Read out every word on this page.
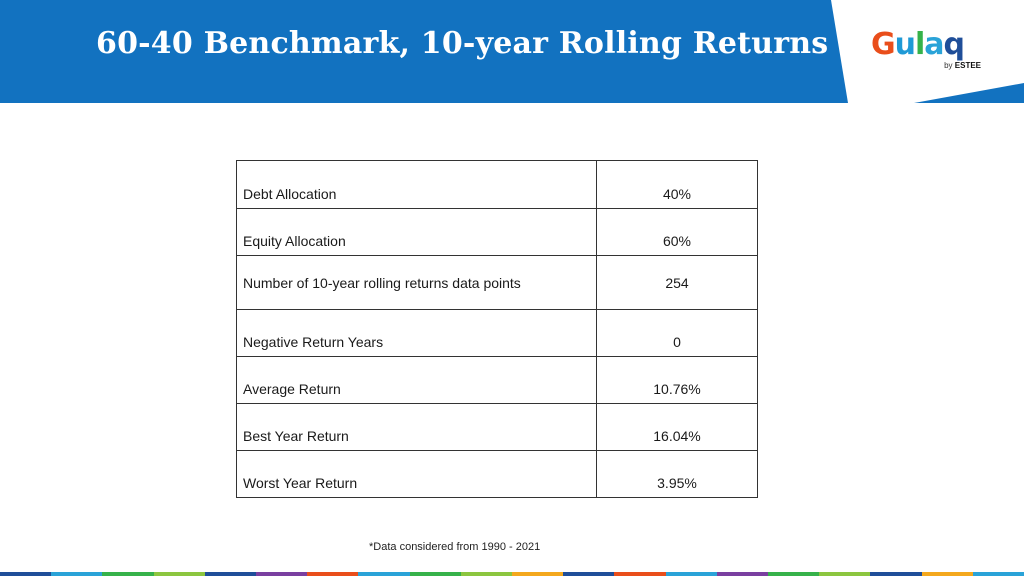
60-40 Benchmark, 10-year Rolling Returns Gulaq
by ESTEE
Debt Allocation	40%
Equity Allocation	60%
Number of 10-year rolling returns data points	254
Negative Return Years	0
Average Return	10.76%
Best Year Return	16.04%
Worst Year Return	3.95%
*Data considered from 1990 - 2021
